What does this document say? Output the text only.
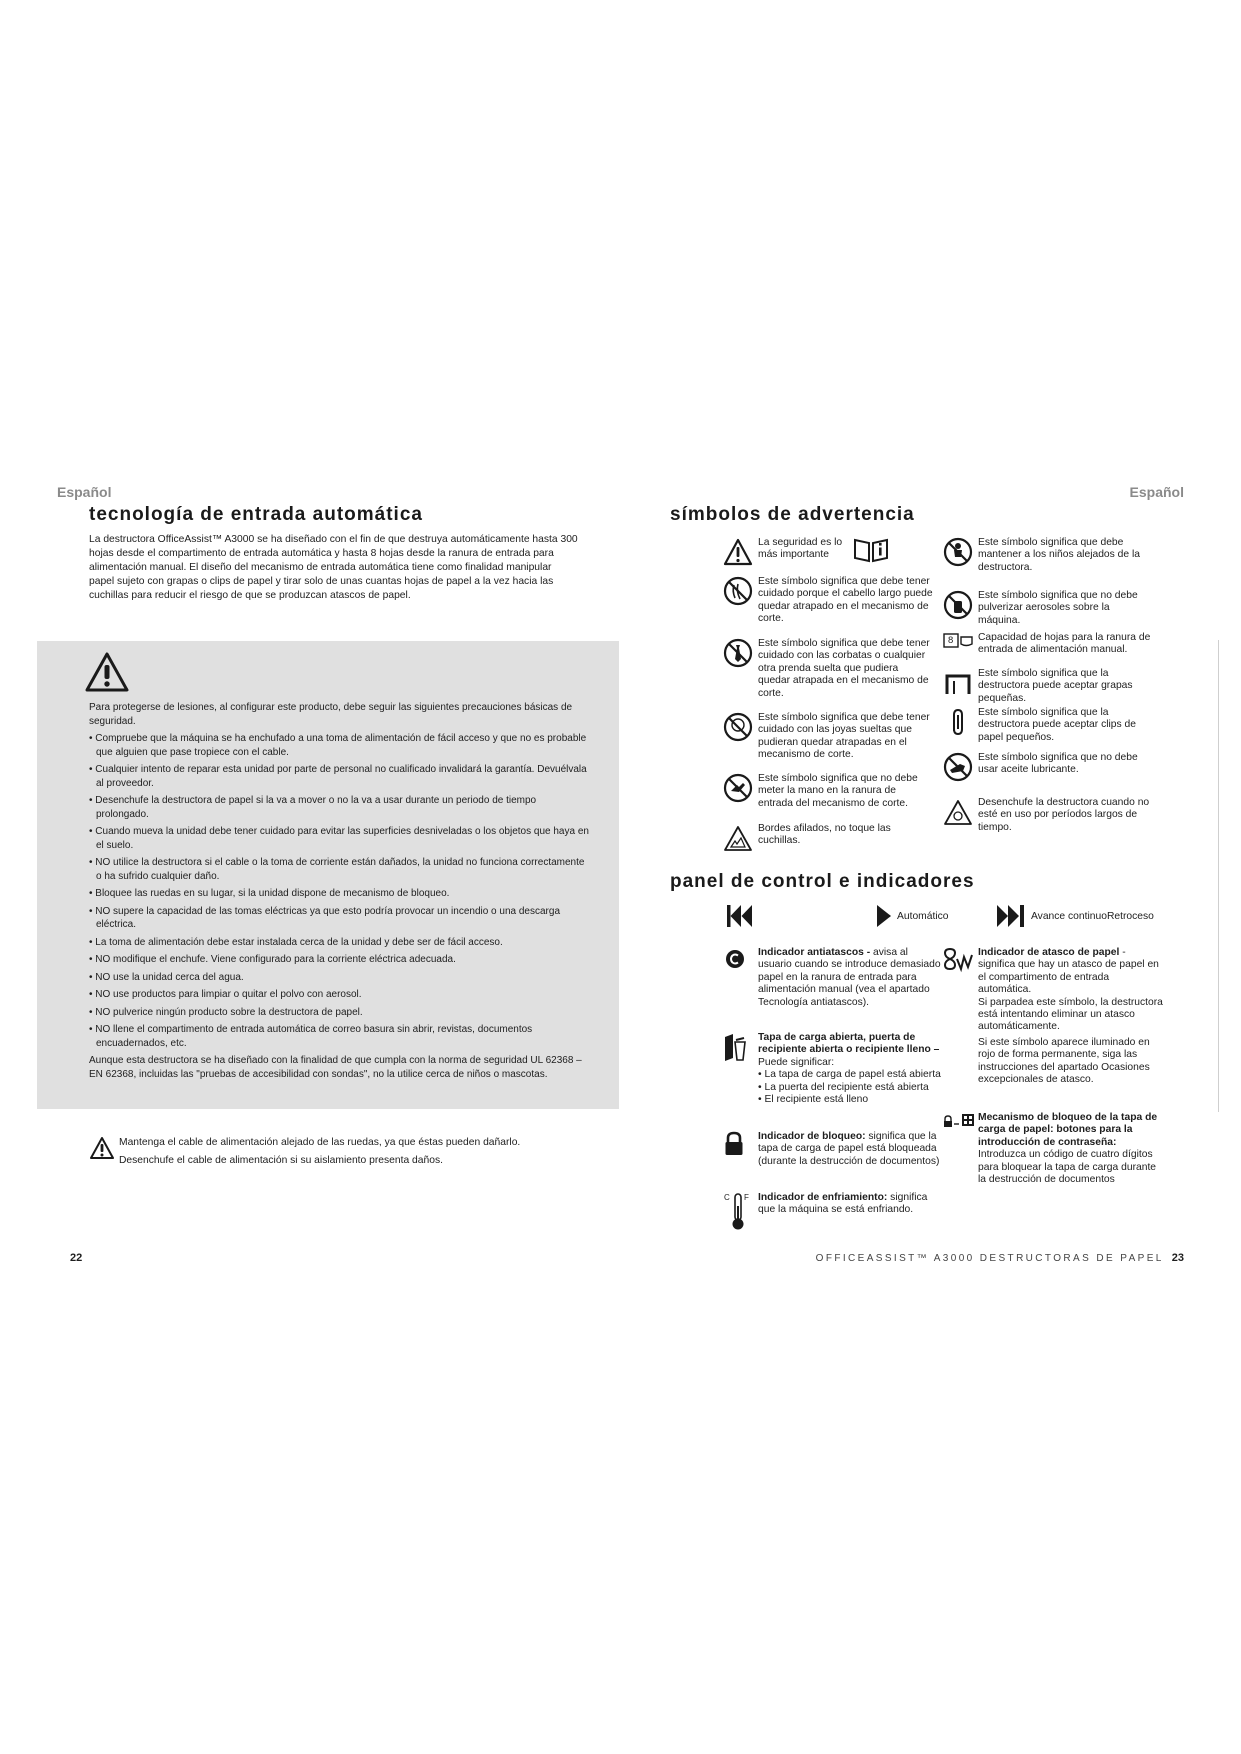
Español	Español
tecnología de entrada automática
La destructora OfficeAssist™ A3000 se ha diseñado con el fin de que destruya automáticamente hasta 300 hojas desde el compartimento de entrada automática y hasta 8 hojas desde la ranura de entrada para alimentación manual. El diseño del mecanismo de entrada automática tiene como finalidad manipular papel sujeto con grapas o clips de papel y tirar solo de unas cuantas hojas de papel a la vez hacia las cuchillas para reducir el riesgo de que se produzcan atascos de papel.

Para protegerse de lesiones, al configurar este producto, debe seguir las siguientes precauciones básicas de seguridad.

• Compruebe que la máquina se ha enchufado a una toma de alimentación de fácil acceso y que no es probable que alguien que pase tropiece con el cable.
• Cualquier intento de reparar esta unidad por parte de personal no cualificado invalidará la garantía. Devuélvala al proveedor.
• Desenchufe la destructora de papel si la va a mover o no la va a usar durante un periodo de tiempo prolongado.
• Cuando mueva la unidad debe tener cuidado para evitar las superficies desniveladas o los objetos que haya en el suelo.
• NO utilice la destructora si el cable o la toma de corriente están dañados, la unidad no funciona correctamente o ha sufrido cualquier daño.
• Bloquee las ruedas en su lugar, si la unidad dispone de mecanismo de bloqueo.
• NO supere la capacidad de las tomas eléctricas ya que esto podría provocar un incendio o una descarga eléctrica.
• La toma de alimentación debe estar instalada cerca de la unidad y debe ser de fácil acceso.
• NO modifique el enchufe. Viene configurado para la corriente eléctrica adecuada.
• NO use la unidad cerca del agua.
• NO use productos para limpiar o quitar el polvo con aerosol.
• NO pulverice ningún producto sobre la destructora de papel.
• NO llene el compartimento de entrada automática de correo basura sin abrir, revistas, documentos encuadernados, etc.

Aunque esta destructora se ha diseñado con la finalidad de que cumpla con la norma de seguridad UL 62368 – EN 62368, incluidas las "pruebas de accesibilidad con sondas", no la utilice cerca de niños o mascotas.

Mantenga el cable de alimentación alejado de las ruedas, ya que éstas pueden dañarlo.

Desenchufe el cable de alimentación si su aislamiento presenta daños.

22
símbolos de advertencia
La seguridad es lo más importante
Este símbolo significa que debe tener cuidado porque el cabello largo puede quedar atrapado en el mecanismo de corte.
Este símbolo significa que debe tener cuidado con las corbatas o cualquier otra prenda suelta que pudiera quedar atrapada en el mecanismo de corte.
Este símbolo significa que debe tener cuidado con las joyas sueltas que pudieran quedar atrapadas en el mecanismo de corte.
Este símbolo significa que no debe meter la mano en la ranura de entrada del mecanismo de corte.
Bordes afilados, no toque las cuchillas.
Este símbolo significa que debe mantener a los niños alejados de la destructora.
Este símbolo significa que no debe pulverizar aerosoles sobre la máquina.
8 Capacidad de hojas para la ranura de entrada de alimentación manual.
Este símbolo significa que la destructora puede aceptar grapas pequeñas.
Este símbolo significa que la destructora puede aceptar clips de papel pequeños.
Este símbolo significa que no debe usar aceite lubricante.
Desenchufe la destructora cuando no esté en uso por períodos largos de tiempo.
panel de control e indicadores
Automático	Avance continuoRetroceso
Indicador antiatascos - avisa al usuario cuando se introduce demasiado papel en la ranura de entrada para alimentación manual (vea el apartado Tecnología antiatascos).
Tapa de carga abierta, puerta de recipiente abierta o recipiente lleno – Puede significar:
• La tapa de carga de papel está abierta
• La puerta del recipiente está abierta
• El recipiente está lleno
Indicador de bloqueo: significa que la tapa de carga de papel está bloqueada (durante la destrucción de documentos)
C F Indicador de enfriamiento: significa que la máquina se está enfriando.
Indicador de atasco de papel - significa que hay un atasco de papel en el compartimento de entrada automática.
Si parpadea este símbolo, la destructora está intentando eliminar un atasco automáticamente.
Si este símbolo aparece iluminado en rojo de forma permanente, siga las instrucciones del apartado Ocasiones excepcionales de atasco.
Mecanismo de bloqueo de la tapa de carga de papel: botones para la introducción de contraseña: Introduzca un código de cuatro dígitos para bloquear la tapa de carga durante la destrucción de documentos
OFFICEASSIST™ A3000 DESTRUCTORAS DE PAPEL 23
